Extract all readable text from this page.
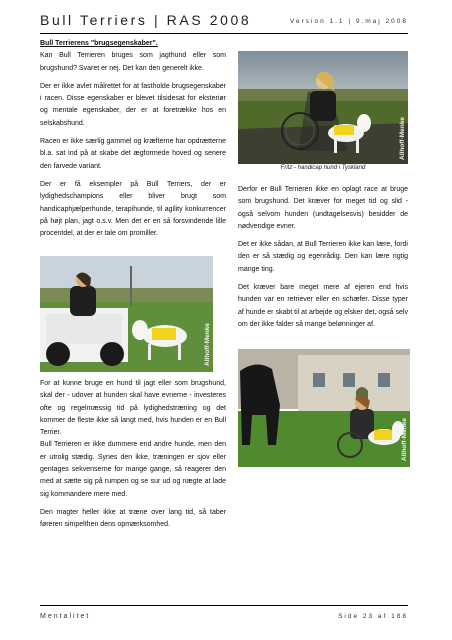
Bull Terriers | RAS 2008	Version 1.1 | 9.maj 2008

Bull Terrierens "brugsegenskaber".

Kan Bull Terrieren bruges som jagthund eller som brugshund? Svaret er nej. Det kan den generelt ikke.

Der er ikke avlet målrettet for at fastholde brugsegenskaber i racen. Disse egenskaber er blevet tilsidesat for eksteriør og mentale egenskaber, der er at foretrække hos en selskabshund.

Racen er ikke særlig gammel og kræfterne har opdrætterne bl.a. sat ind på at skabe det ægformede hoved og senere den farvede variant.

Der er få eksempler på Bull Terriers, der er lydighedschampions eller bliver brugt som handicaphjælperhunde, terapihunde, til agility konkurrencer på højt plan, jagt o.s.v. Men det er en så forsvindende lille procentdel, at der er tale om promiller.

Allhoff-Menke
Fritz - handicap hund i Tyskland

Derfor er Bull Terrieren ikke en oplagt race at bruge som brugshund. Det kræver for meget tid og slid - også selvom hunden (undtagelsesvis) besidder de nødvendige evner.

Det er ikke sådan, at Bull Terrieren ikke kan lære, fordi den er så stædig og egenrådig. Den kan lære rigtig mange ting.

Det kræver bare meget mere af ejeren end hvis hunden var en retriever eller en schæfer. Disse typer af hunde er skabt til at arbejde og elsker det, også selv om der ikke falder så mange belønninger af.

Allhoff-Menke

For at kunne bruge en hund til jagt eller som brugshund, skal der - udover at hunden skal have evnerne - investeres ofte og regelmæssig tid på lydighedstræning og det kommer de fleste ikke så langt med, hvis hunden er en Bull Terrier.

Bull Terrieren er ikke dummere end andre hunde, men den er utrolig stædig. Synes den ikke, træningen er sjov eller gentages sekvenserne for mange gange, så reagerer den med at sætte sig på rumpen og se sur ud og nægte at lade sig kommandere mere med.

Den magter heller ikke at træne over lang tid, så taber føreren simpelthen dens opmærksomhed.

Allhoff-Menke
Mentalitet	Side 23 af 188
